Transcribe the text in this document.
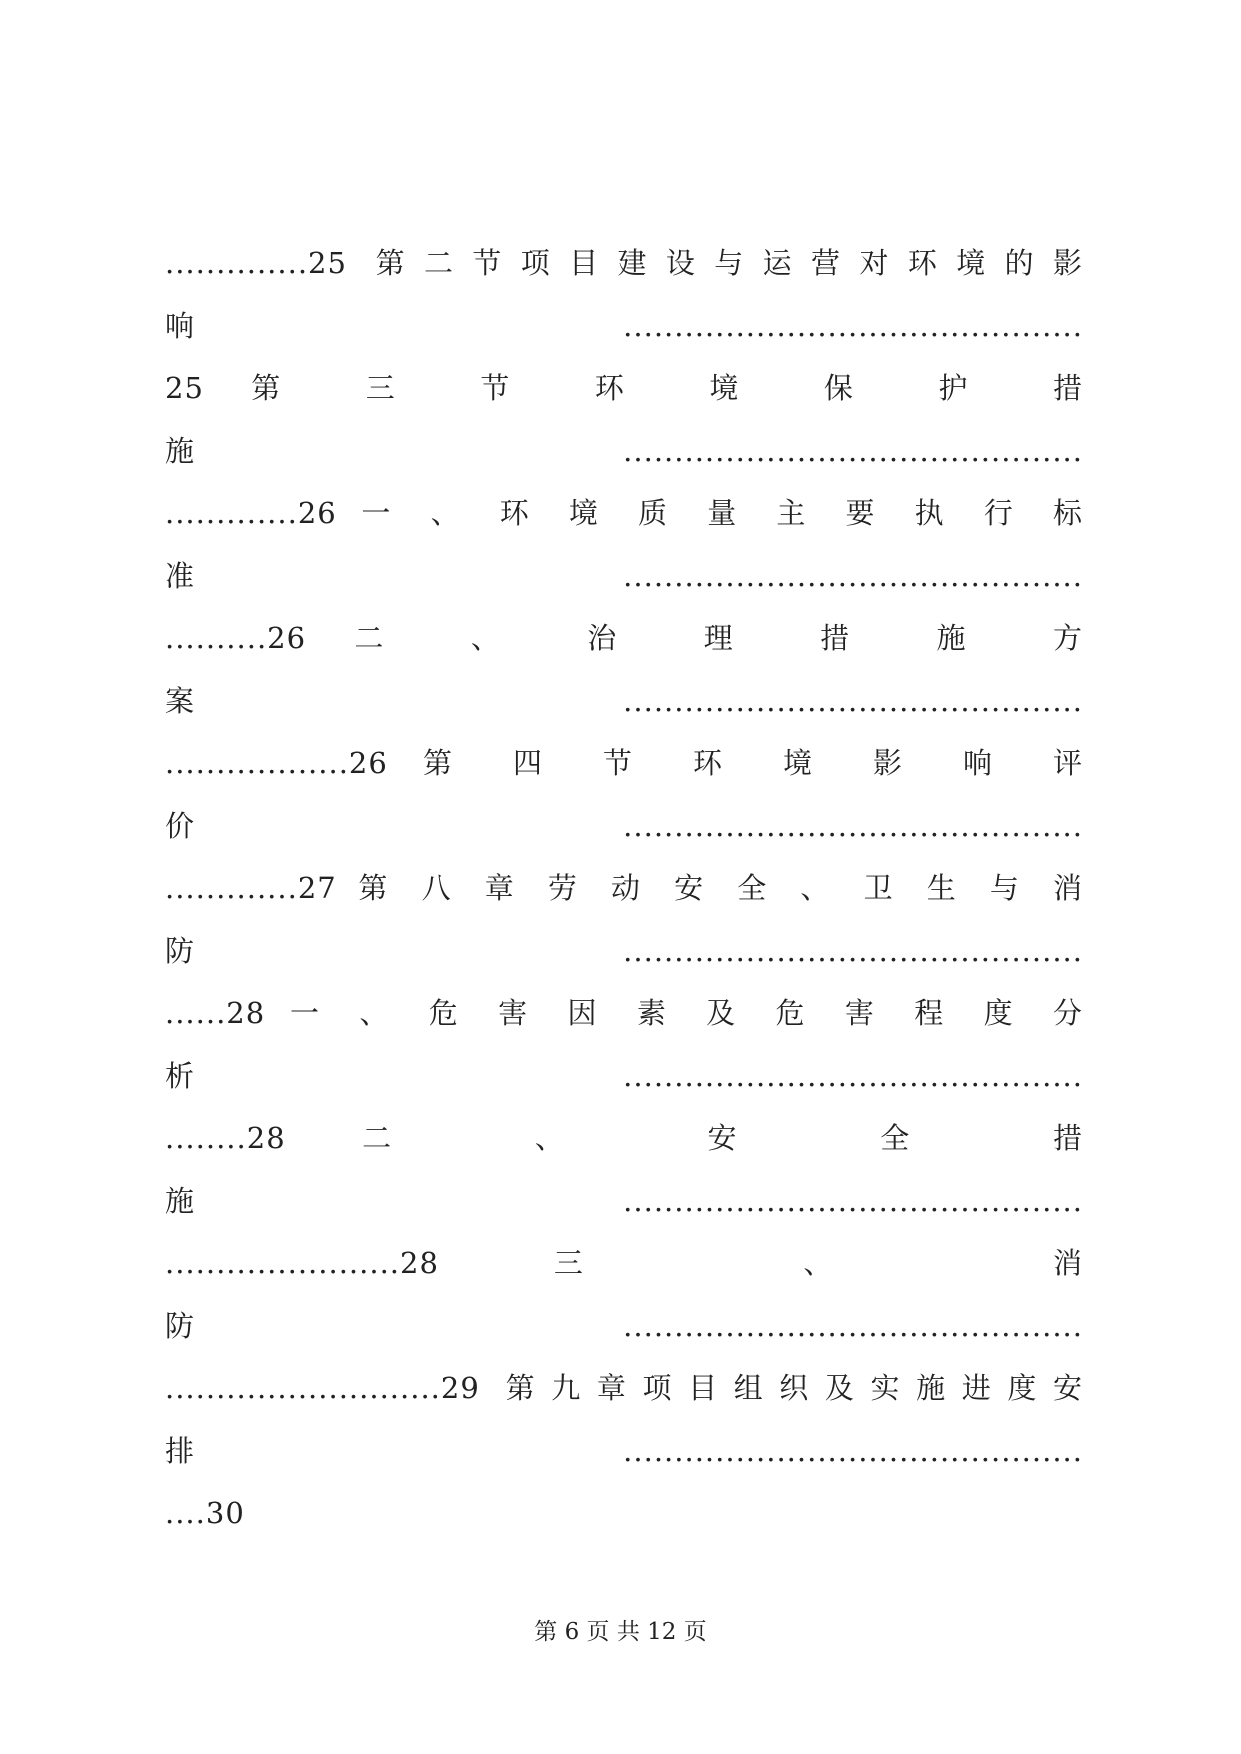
..............25 第二节项目建设与运营对环境的影
响.............................................
25 第 三 节 环 境 保 护 措
施.............................................
.............26 一 、 环 境 质 量 主 要 执 行 标
准.............................................
..........26 二 、 治 理 措 施 方
案.............................................
..................26 第 四 节 环 境 影 响 评
价.............................................
.............27 第 八 章 劳 动 安 全 、 卫 生 与 消
防.............................................
......28 一 、 危 害 因 素 及 危 害 程 度 分
析.............................................
........28 二 、 安 全 措
施.............................................
.......................28 三 、 消
防.............................................
...........................29 第九章项目组织及实施进度安
排.............................................
....30
第 6 页 共 12 页
